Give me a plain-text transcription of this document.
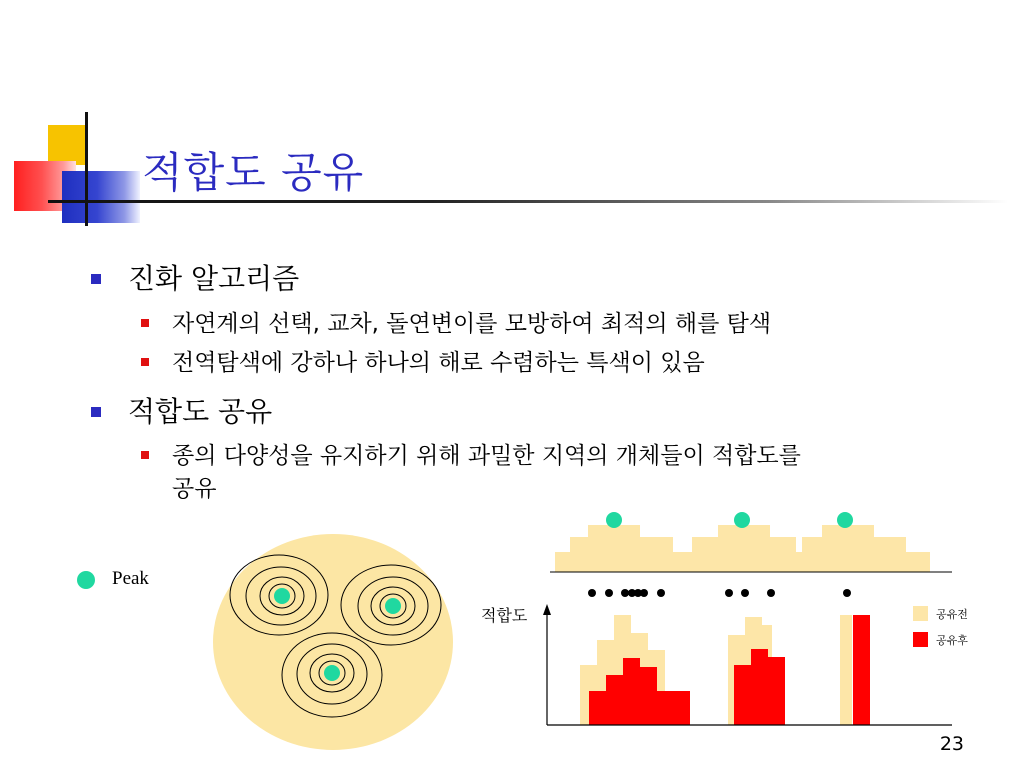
적합도 공유
진화 알고리즘
자연계의 선택, 교차, 돌연변이를 모방하여 최적의 해를 탐색
전역탐색에 강하나 하나의 해로 수렴하는 특색이 있음
적합도 공유
종의 다양성을 유지하기 위해 과밀한 지역의 개체들이 적합도를
공유
Peak
적합도	공유전
공유후
23
